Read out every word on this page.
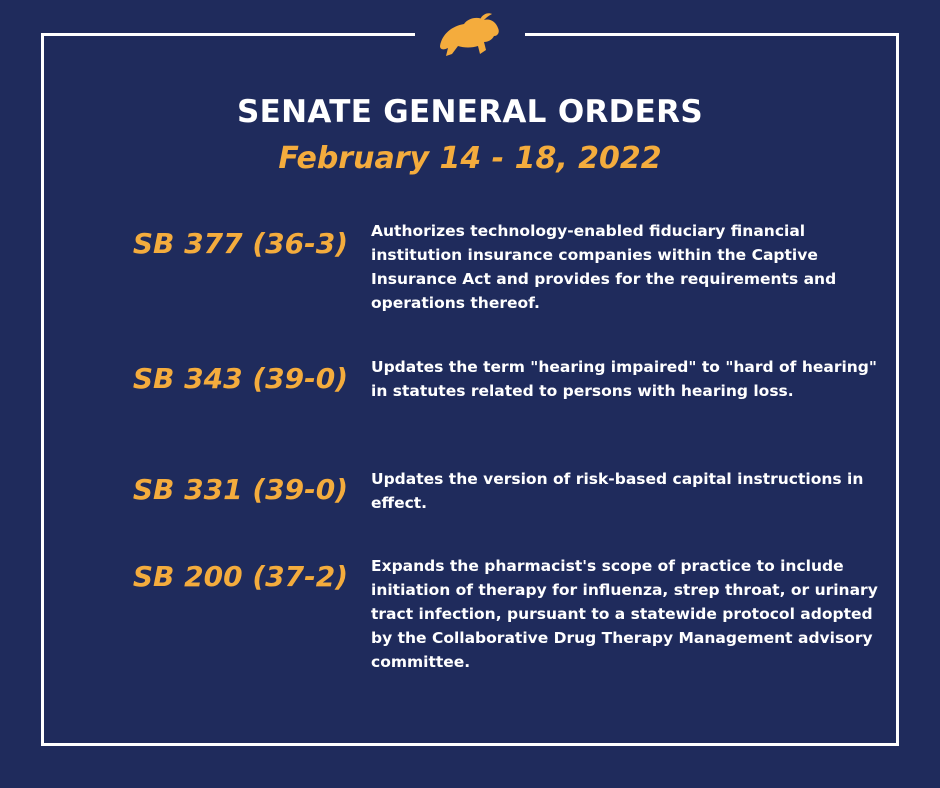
SENATE GENERAL ORDERS
February 14 - 18, 2022
SB 377 (36-3) Authorizes technology-enabled fiduciary financial institution insurance companies within the Captive Insurance Act and provides for the requirements and operations thereof.
SB 343 (39-0) Updates the term "hearing impaired" to "hard of hearing" in statutes related to persons with hearing loss.
SB 331 (39-0) Updates the version of risk-based capital instructions in effect.
SB 200 (37-2) Expands the pharmacist's scope of practice to include initiation of therapy for influenza, strep throat, or urinary tract infection, pursuant to a statewide protocol adopted by the Collaborative Drug Therapy Management advisory committee.
